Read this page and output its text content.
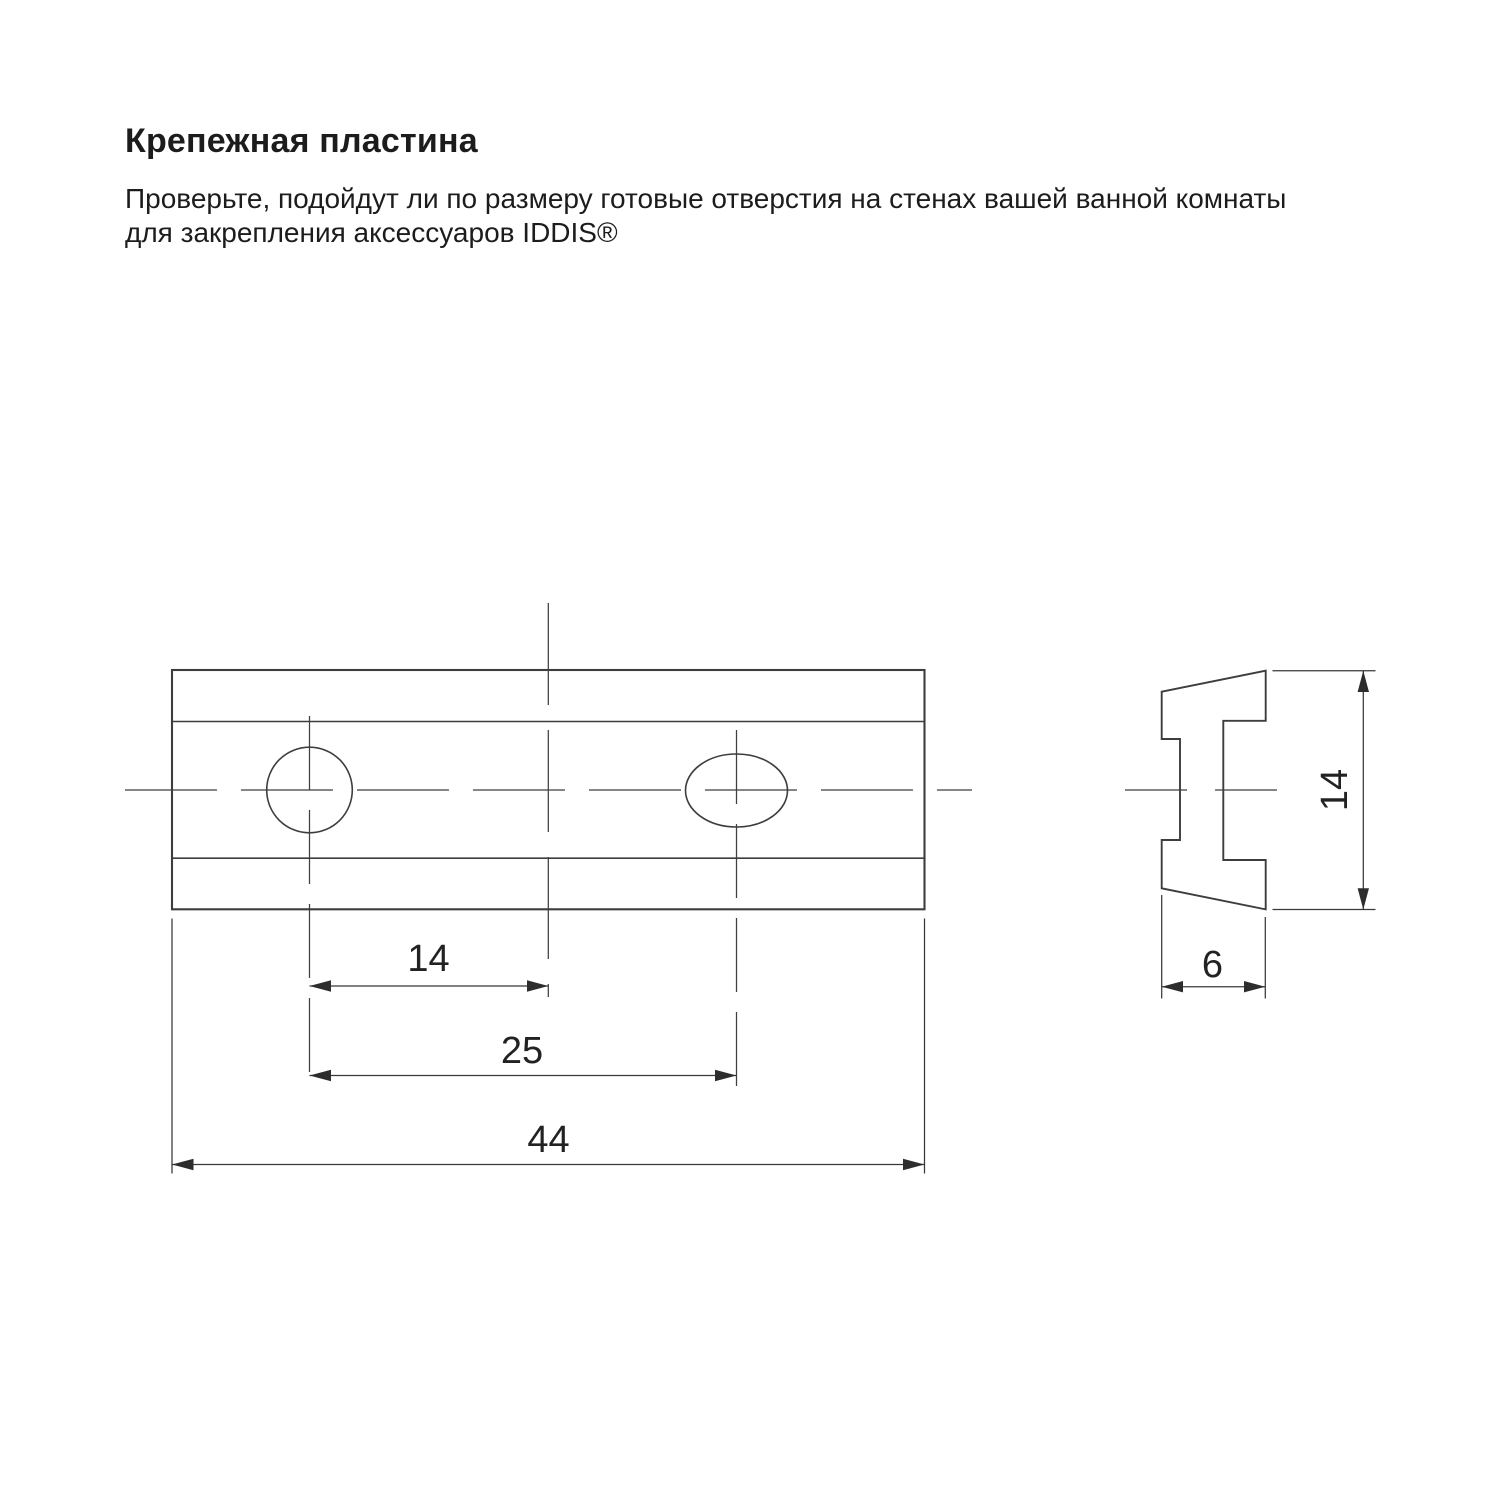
Крепежная пластина

Проверьте, подойдут ли по размеру готовые отверстия на стенах вашей ванной комнаты
для закрепления аксессуаров IDDIS®

14
25
44
14
6
